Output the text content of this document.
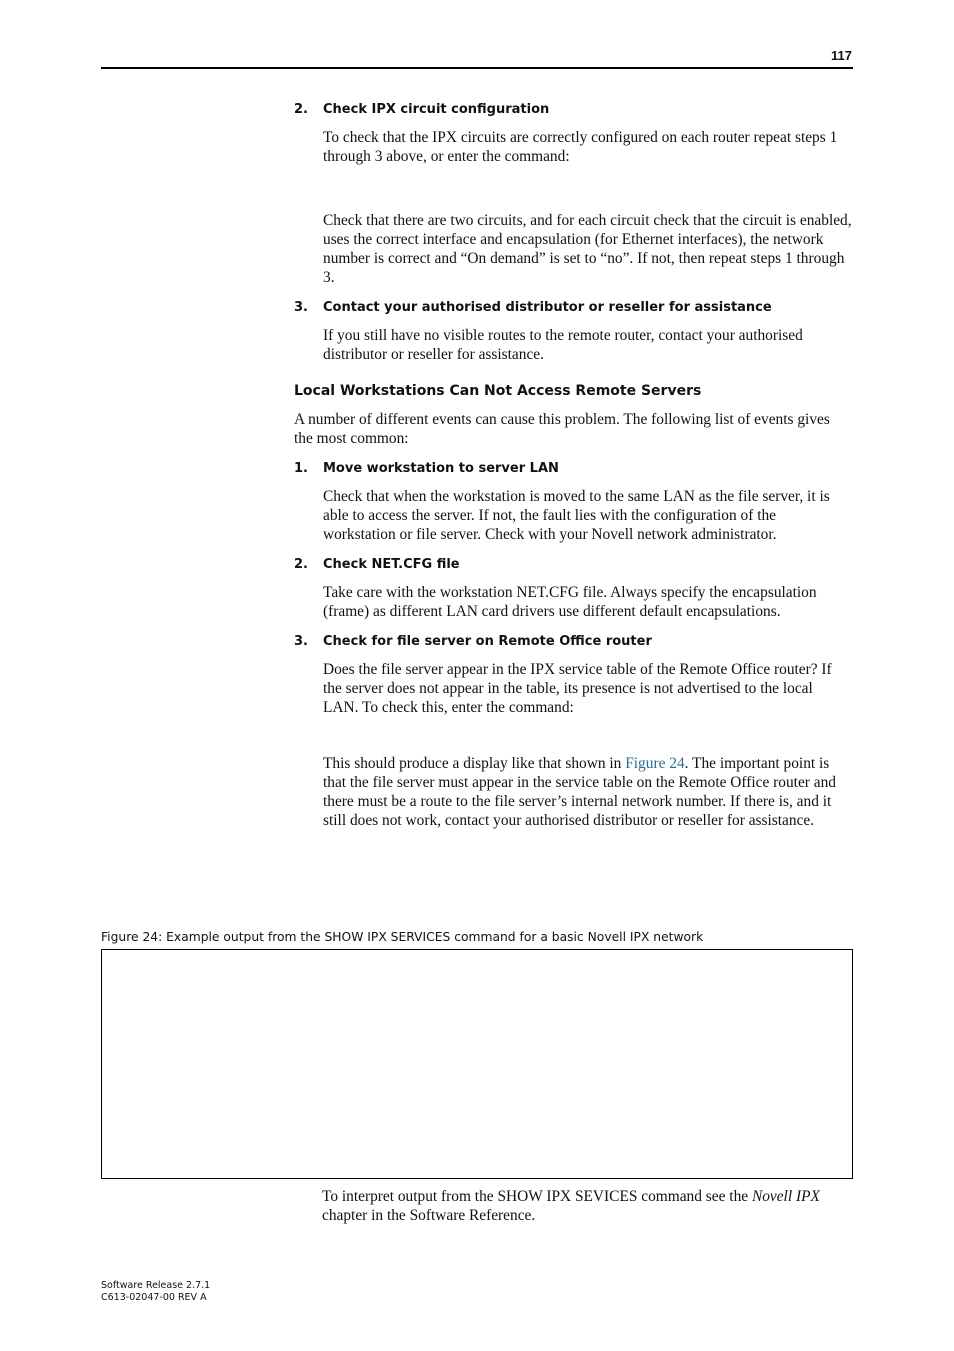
117
2.	Check IPX circuit configuration

To check that the IPX circuits are correctly configured on each router repeat steps 1 through 3 above, or enter the command:

Check that there are two circuits, and for each circuit check that the circuit is enabled, uses the correct interface and encapsulation (for Ethernet interfaces), the network number is correct and “On demand” is set to “no”. If not, then repeat steps 1 through 3.

3.	Contact your authorised distributor or reseller for assistance

If you still have no visible routes to the remote router, contact your authorised distributor or reseller for assistance.

Local Workstations Can Not Access Remote Servers

A number of different events can cause this problem. The following list of events gives the most common:

1.	Move workstation to server LAN

Check that when the workstation is moved to the same LAN as the file server, it is able to access the server. If not, the fault lies with the configuration of the workstation or file server. Check with your Novell network administrator.

2.	Check NET.CFG file

Take care with the workstation NET.CFG file. Always specify the encapsulation (frame) as different LAN card drivers use different default encapsulations.

3.	Check for file server on Remote Office router

Does the file server appear in the IPX service table of the Remote Office router? If the server does not appear in the table, its presence is not advertised to the local LAN. To check this, enter the command:

This should produce a display like that shown in Figure 24. The important point is that the file server must appear in the service table on the Remote Office router and there must be a route to the file server’s internal network number. If there is, and it still does not work, contact your authorised distributor or reseller for assistance.

Figure 24: Example output from the SHOW IPX SERVICES command for a basic Novell IPX network

To interpret output from the SHOW IPX SEVICES command see the Novell IPX chapter in the Software Reference.

Software Release 2.7.1
C613-02047-00 REV A
